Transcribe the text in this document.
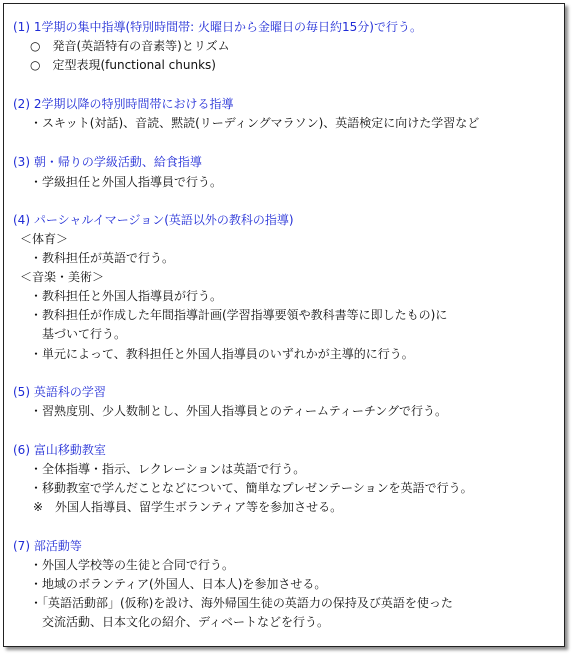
(1) 1学期の集中指導(特別時間帯: 火曜日から金曜日の毎日約15分)で行う。
○　発音(英語特有の音素等)とリズム
○　定型表現(functional chunks)
(2) 2学期以降の特別時間帯における指導
・スキット(対話)、音読、黙読(リーディングマラソン)、英語検定に向けた学習など
(3) 朝・帰りの学級活動、給食指導
・学級担任と外国人指導員で行う。
(4) パーシャルイマージョン(英語以外の教科の指導)
＜体育＞
・教科担任が英語で行う。
＜音楽・美術＞
・教科担任と外国人指導員が行う。
・教科担任が作成した年間指導計画(学習指導要領や教科書等に即したもの)に
基づいて行う。
・単元によって、教科担任と外国人指導員のいずれかが主導的に行う。
(5) 英語科の学習
・習熟度別、少人数制とし、外国人指導員とのティームティーチングで行う。
(6) 富山移動教室
・全体指導・指示、レクレーションは英語で行う。
・移動教室で学んだことなどについて、簡単なプレゼンテーションを英語で行う。
※　外国人指導員、留学生ボランティア等を参加させる。
(7) 部活動等
・外国人学校等の生徒と合同で行う。
・地域のボランティア(外国人、日本人)を参加させる。
・「英語活動部」(仮称)を設け、海外帰国生徒の英語力の保持及び英語を使った
交流活動、日本文化の紹介、ディベートなどを行う。
